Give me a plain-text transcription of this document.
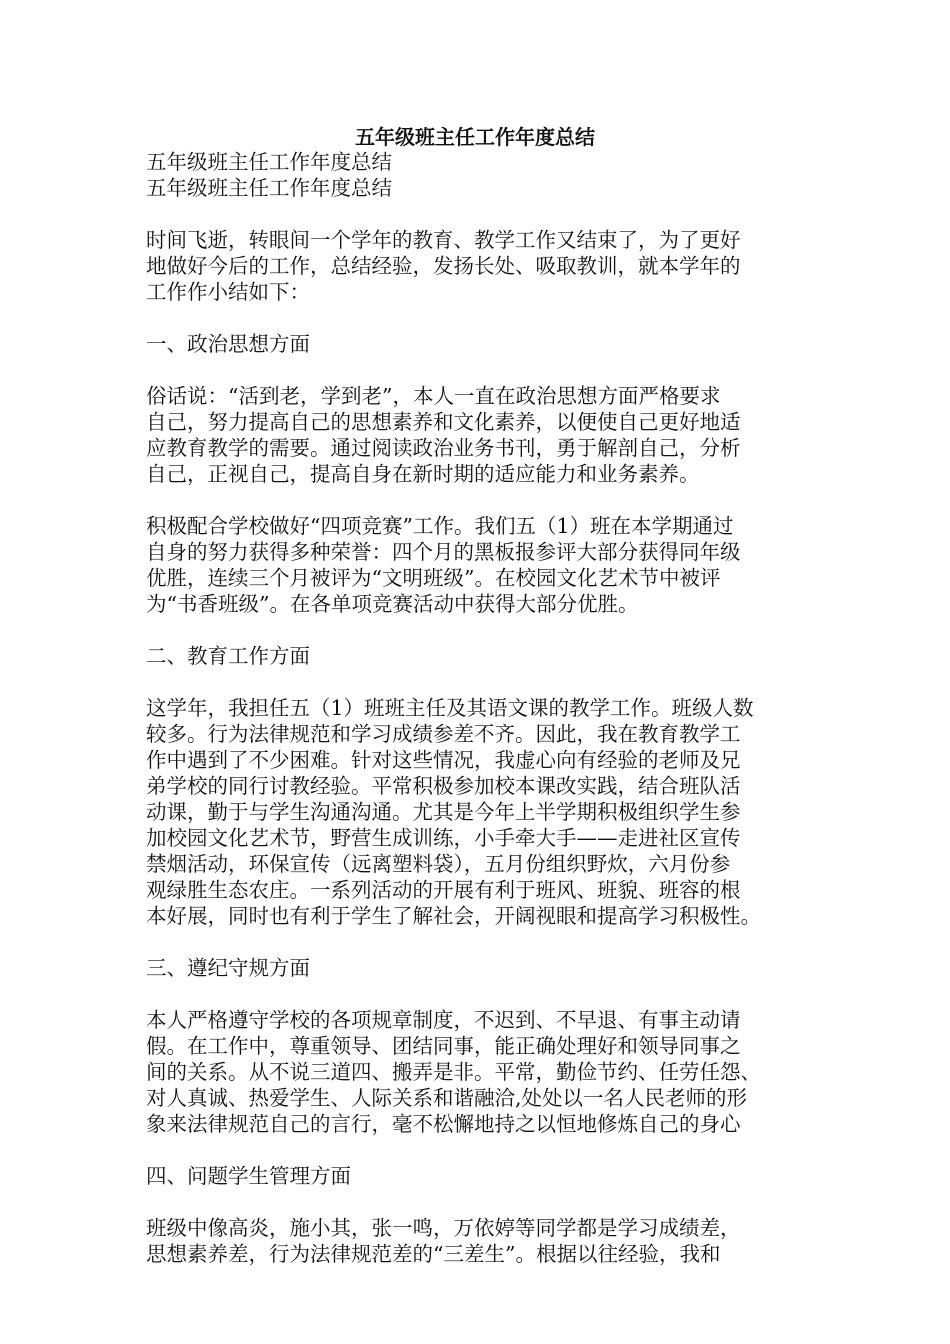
五年级班主任工作年度总结
五年级班主任工作年度总结
五年级班主任工作年度总结
时间飞逝，转眼间一个学年的教育、教学工作又结束了，为了更好
地做好今后的工作，总结经验，发扬长处、吸取教训，就本学年的
工作作小结如下：
一、政治思想方面
俗话说：“活到老，学到老”，本人一直在政治思想方面严格要求
自己，努力提高自己的思想素养和文化素养，以便使自己更好地适
应教育教学的需要。通过阅读政治业务书刊，勇于解剖自己，分析
自己，正视自己，提高自身在新时期的适应能力和业务素养。
积极配合学校做好“四项竞赛”工作。我们五（1）班在本学期通过
自身的努力获得多种荣誉：四个月的黑板报参评大部分获得同年级
优胜，连续三个月被评为“文明班级”。在校园文化艺术节中被评
为“书香班级”。在各单项竞赛活动中获得大部分优胜。
二、教育工作方面
这学年，我担任五（1）班班主任及其语文课的教学工作。班级人数
较多。行为法律规范和学习成绩参差不齐。因此，我在教育教学工
作中遇到了不少困难。针对这些情况，我虚心向有经验的老师及兄
弟学校的同行讨教经验。平常积极参加校本课改实践，结合班队活
动课，勤于与学生沟通沟通。尤其是今年上半学期积极组织学生参
加校园文化艺术节，野营生成训练，小手牵大手——走进社区宣传
禁烟活动，环保宣传（远离塑料袋），五月份组织野炊，六月份参
观绿胜生态农庄。一系列活动的开展有利于班风、班貌、班容的根
本好展，同时也有利于学生了解社会，开阔视眼和提高学习积极性。
三、遵纪守规方面
本人严格遵守学校的各项规章制度，不迟到、不早退、有事主动请
假。在工作中，尊重领导、团结同事，能正确处理好和领导同事之
间的关系。从不说三道四、搬弄是非。平常，勤俭节约、任劳任怨、
对人真诚、热爱学生、人际关系和谐融洽,处处以一名人民老师的形
象来法律规范自己的言行，毫不松懈地持之以恒地修炼自己的身心
四、问题学生管理方面
班级中像高炎，施小其，张一鸣，万依婷等同学都是学习成绩差，
思想素养差，行为法律规范差的“三差生”。根据以往经验，我和
